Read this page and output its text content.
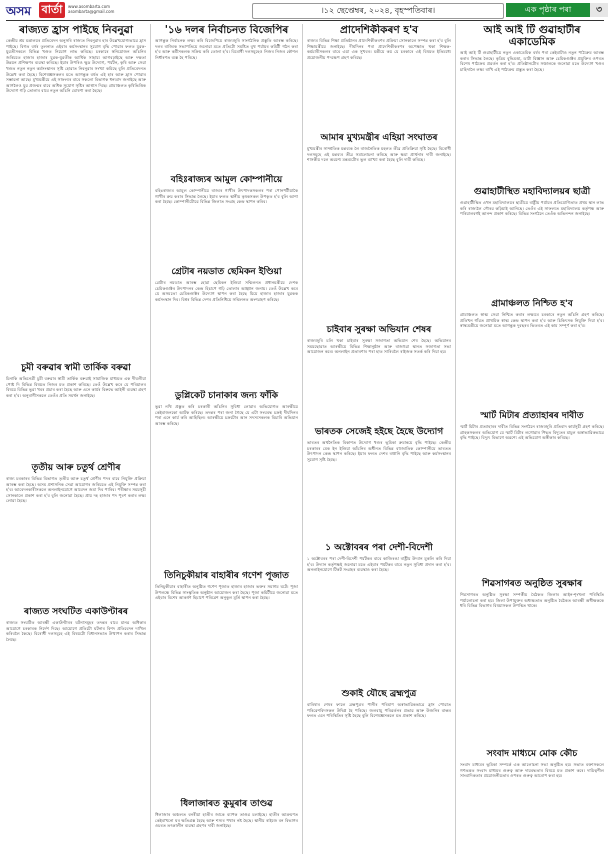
অসম বাৰ্তা	www.asombarta.com
asombarta@gmail.com	।১২ ছেপ্তেম্বৰ, ২০২৪, বৃহস্পতিবাৰ।	এক পৃষ্ঠাৰ পৰা	৩
ৰাজ্যত হ্ৰাস পাইছে নিবনুৱা

কেন্দ্ৰীয় শ্ৰম মন্ত্ৰালয়ৰ প্ৰতিবেদন অনুসৰি ৰাজ্যত নিবনুৱাৰ হাৰ উল্লেখযোগ্যভাৱে হ্ৰাস পাইছে। বিগত বৰ্ষৰ তুলনাত এইবাৰ কৰ্মসংস্থানৰ সুযোগ বৃদ্ধি পোৱাৰ ফলত যুৱক-যুৱতীসকলে বিভিন্ন খণ্ডত নিয়োগ লাভ কৰিছে। চৰকাৰে স্বনিয়োজন আঁচনিৰ জৰিয়তে হাজাৰ হাজাৰ যুৱক-যুৱতীক আৰ্থিক সাহায্য আগবঢ়াইছে আৰু দক্ষতা উন্নয়ন প্ৰশিক্ষণৰ ব্যৱস্থা কৰিছে। ইয়াৰ উপৰিও ক্ষুদ্ৰ উদ্যোগ, পৰ্যটন, কৃষি আৰু সেৱা খণ্ডত নতুন নতুন কৰ্মসংস্থানৰ সৃষ্টি হোৱাত নিবনুৱাৰ সংখ্যা কমিছে বুলি প্ৰতিবেদনত উল্লেখ কৰা হৈছে। বিশেষজ্ঞসকলৰ মতে আগন্তুক বৰ্ষত এই হাৰ আৰু হ্ৰাস পোৱাৰ সম্ভাৱনা আছে। মুখ্যমন্ত্ৰীয়ে এই সাফল্যৰ বাবে সকলো বিভাগক ধন্যবাদ জনাইছে আৰু আগলৈও যুৱ প্ৰজন্মৰ বাবে অধিক সুযোগ সৃষ্টিৰ আশ্বাস দিছে। গ্ৰামাঞ্চলত কৃষিভিত্তিক উদ্যোগ গঢ়ি তোলাৰ বাবে নতুন আঁচনি ঘোষণা কৰা হৈছে।

চুমী বৰুৱাৰ স্বামী তাৰ্কিক বৰুৱা

চিনাকি অভিনেত্ৰী চুমী বৰুৱাৰ স্বামী তাৰ্কিক বৰুৱাই সামাজিক মাধ্যমত এক দীঘলীয়া পোষ্ট দি বিভিন্ন বিষয়ত নিজৰ মত প্ৰকাশ কৰিছে। তেওঁ উল্লেখ কৰে যে পৰিয়ালৰ বিষয়ে বিভিন্ন ভুৱা খবৰ প্ৰচাৰ কৰা হৈছে আৰু এনে কাৰ্যৰ বিৰুদ্ধে আইনী ব্যৱস্থা গ্ৰহণ কৰা হ'ব। অনুৰাগীসকলে তেওঁৰ প্ৰতি সমৰ্থন জনাইছে।

তৃতীয় আৰু চতুৰ্থ শ্ৰেণীৰ

ৰাজ্য চৰকাৰৰ বিভিন্ন বিভাগত তৃতীয় আৰু চতুৰ্থ শ্ৰেণীৰ পদৰ বাবে নিযুক্তি প্ৰক্ৰিয়া আৰম্ভ কৰা হৈছে। অসম প্ৰশাসনিক সেৱা আয়োগৰ জৰিয়তে এই নিযুক্তি সম্পন্ন কৰা হ'ব। আবেদনকাৰীসকলে অনলাইনযোগে আবেদন জমা দিব পাৰিব। পৰীক্ষাৰ সময়সূচী সোনকালে প্ৰকাশ কৰা হ'ব বুলি জনোৱা হৈছে। প্ৰায় দহ হাজাৰ পদ পূৰণ কৰাৰ লক্ষ্য লোৱা হৈছে।

ৰাজ্যত সংঘটিত একাউণ্টাৰৰ

ৰাজ্যত সংঘটিত আৰক্ষী একাউণ্টাৰৰ ঘটনাসমূহৰ তদন্তৰ বাবে মানৱ অধিকাৰ আয়োগে চৰকাৰক নিৰ্দেশ দিছে। আয়োগে প্ৰতিটো ঘটনাৰ বিশদ প্ৰতিবেদন দাখিল কৰিবলৈ কৈছে। বিৰোধী দলসমূহে এই বিষয়টো বিধানসভাত উত্থাপন কৰাৰ সিদ্ধান্ত লৈছে।

'১৬ দলৰ নিৰ্বাচনত বিজেপিৰ

আগন্তুক নিৰ্বাচনক লক্ষ্য কৰি বিজেপিয়ে ৰাজ্যজুৰি সাংগঠনিক প্ৰস্তুতি আৰম্ভ কৰিছে। দলৰ ৰাজ্যিক সভাপতিয়ে জনোৱা মতে প্ৰতিটো সমষ্টিত বুথ পৰ্যায়ৰ কমিটী গঠন কৰা হ'ব আৰু কৰ্মীসকলক সক্ৰিয় কৰি তোলা হ'ব। বিৰোধী দলসমূহেও নিজৰ নিজৰ কৌশল নিৰ্ধাৰণত ব্যস্ত হৈ পৰিছে।

বহিঃৰাজ্যৰ আমুল কোম্পানীয়ে

বহিঃৰাজ্যৰ আমুল কোম্পানীয়ে ৰাজ্যৰ গাখীৰ উৎপাদকসকলৰ পৰা পোনপটীয়াকৈ গাখীৰ ক্ৰয় কৰাৰ সিদ্ধান্ত লৈছে। ইয়াৰ ফলত স্থানীয় কৃষকসকল উপকৃত হ'ব বুলি আশা কৰা হৈছে। কোম্পানীটোৱে বিভিন্ন জিলাত সংগ্ৰহ কেন্দ্ৰ স্থাপন কৰিব।

গ্ৰেটাৰ নয়ডাত ছেমিকন ইণ্ডিয়া

গ্ৰেটাৰ নয়ডাত আৰম্ভ হোৱা ছেমিকন ইণ্ডিয়া সন্মিলনত প্ৰধানমন্ত্ৰীয়ে দেশক চেমিকণ্ডাক্টৰ উৎপাদনৰ কেন্দ্ৰ হিচাপে গঢ়ি তোলাৰ আহ্বান জনায়। তেওঁ উল্লেখ কৰে যে অসমতো চেমিকণ্ডাক্টৰ উদ্যোগ স্থাপন কৰা হৈছে যিয়ে হাজাৰ হাজাৰ যুৱকক কৰ্মসংস্থান দিব। বিশ্বৰ বিভিন্ন দেশৰ প্ৰতিনিধিয়ে সন্মিলনত অংশগ্ৰহণ কৰিছে।

ডুপ্লিকেট চানাকাৰ জন্য ফাঁকি

ভুৱা নথি প্ৰস্তুত কৰি চৰকাৰী আঁচনিৰ সুবিধা লোৱাৰ অভিযোগত আৰক্ষীয়ে কেইবাজনকো আটক কৰিছে। তদন্তৰ পৰা জনা গৈছে যে এটা সংঘবদ্ধ চক্ৰই দীৰ্ঘদিনৰ পৰা এনে কাৰ্য কৰি আহিছিল। আৰক্ষীয়ে চক্ৰটোৰ আন সদস্যসকলক বিচাৰি অভিযান আৰম্ভ কৰিছে।

তিনিচুকীয়াৰ বাহাৰীৰ গণেশ পূজাত

তিনিচুকীয়াৰ বাহাৰীত অনুষ্ঠিত গণেশ পূজাত হাজাৰ হাজাৰ ভক্তৰ সমাগম ঘটে। পূজা উপলক্ষে বিভিন্ন সাংস্কৃতিক অনুষ্ঠান আয়োজন কৰা হৈছে। পূজা কমিটীয়ে জনোৱা মতে এইবাৰ বিশেষ আকৰ্ষণ হিচাপে পৰিৱেশ অনুকূল মূৰ্তি স্থাপন কৰা হৈছে।

ধিলাজাৰত কুমুৰাৰ তাণ্ডৱ

ধিলাজাৰ অঞ্চলত বনৰীয়া হাতীৰ জাকে ব্যাপক তাণ্ডৱ চলাইছে। হাতীৰ আক্ৰমণত কেইবাখনো ঘৰ ক্ষতিগ্ৰস্ত হৈছে আৰু শস্যৰ পথাৰ নষ্ট হৈছে। স্থানীয় ৰাইজে বন বিভাগৰ ওচৰত তৎকালীন ব্যৱস্থা গ্ৰহণৰ দাবী জনাইছে।

প্ৰাদেশিকীকৰণ হ'ব

ৰাজ্যৰ বিভিন্ন শিক্ষা প্ৰতিষ্ঠানৰ প্ৰাদেশিকীকৰণৰ প্ৰক্ৰিয়া সোনকালে সম্পন্ন কৰা হ'ব বুলি শিক্ষামন্ত্ৰীয়ে জনাইছে। দীৰ্ঘদিনৰ পৰা প্ৰাদেশিকীকৰণৰ অপেক্ষাত থকা শিক্ষক-কৰ্মচাৰীসকলৰ বাবে এয়া এক সুখবৰ। মন্ত্ৰীয়ে কয় যে চৰকাৰে এই বিষয়ত ইতিমধ্যে প্ৰয়োজনীয় পদক্ষেপ গ্ৰহণ কৰিছে।

আমাৰ মুখ্যমন্ত্ৰীৰ এহিয়া সংঘাতৰ

মুখ্যমন্ত্ৰীৰ সাম্প্ৰতিক মন্তব্যক লৈ ৰাজনৈতিক মহলত তীব্ৰ প্ৰতিক্ৰিয়া সৃষ্টি হৈছে। বিৰোধী দলসমূহে এই মন্তব্যৰ তীব্ৰ সমালোচনা কৰিছে আৰু ক্ষমা প্ৰাৰ্থনাৰ দাবী জনাইছে। শাসকীয় দলে অৱশ্যে মন্তব্যটোৰ ভুল ব্যাখ্যা কৰা হৈছে বুলি দাবী কৰিছে।

চাইবাৰ সুৰক্ষা অভিযান শেষৰ

ৰাজ্যজুৰি চলি থকা চাইবাৰ সুৰক্ষা সজাগতা অভিযান শেষ হৈছে। অভিযানৰ সময়ছোৱাত আৰক্ষীয়ে বিভিন্ন শিক্ষানুষ্ঠান আৰু ৰাজহুৱা স্থানত সজাগতা সভা আয়োজন কৰে। অনলাইন প্ৰতাৰণাৰ পৰা হাত সাৰিবলৈ ৰাইজক সতৰ্ক কৰি দিয়া হয়।

ভাৰতক সেজেই হইছে হৈছে উদ্যোগ

ভাৰতৰ অৰ্থনৈতিক বিকাশত উদ্যোগ খণ্ডৰ ভূমিকা ক্ৰমান্বয়ে বৃদ্ধি পাইছে। কেন্দ্ৰীয় চৰকাৰৰ মেক ইন ইণ্ডিয়া আঁচনিৰ অধীনত বিভিন্ন বহুজাতিক কোম্পানীয়ে ভাৰতত উৎপাদন কেন্দ্ৰ স্থাপন কৰিছে। ইয়াৰ ফলত দেশৰ ৰপ্তানি বৃদ্ধি পাইছে আৰু কৰ্মসংস্থানৰ সুযোগ সৃষ্টি হৈছে।

১ অক্টোবৰৰ পৰা দেশী-বিদেশী

১ অক্টোবৰৰ পৰা দেশী-বিদেশী পৰ্যটকৰ বাবে কাজিৰঙা ৰাষ্ট্ৰীয় উদ্যান মুকলি কৰি দিয়া হ'ব। উদ্যান কৰ্তৃপক্ষই জনোৱা মতে এইবাৰ পৰ্যটকৰ বাবে নতুন সুবিধা প্ৰদান কৰা হ'ব। অনলাইনযোগে টিকট সংগ্ৰহৰ ব্যৱস্থাও কৰা হৈছে।

শুকাই যৌছে ব্ৰহ্মপুত্ৰ

বাৰিষাৰ শেষৰ ফালে ব্ৰহ্মপুত্ৰৰ পানীৰ পৰিমাণ অস্বাভাৱিকভাৱে হ্ৰাস পোৱাত পৰিৱেশবিদসকল উদ্বিগ্ন হৈ পৰিছে। জলবায়ু পৰিৱৰ্তনৰ প্ৰভাৱ আৰু উজনিৰ বান্ধৰ ফলত এনে পৰিস্থিতিৰ সৃষ্টি হৈছে বুলি বিশেষজ্ঞসকলে মত প্ৰকাশ কৰিছে।

আই আই টি গুৱাহাটীৰ একাডেমিক

আই আই টি গুৱাহাটীয়ে নতুন একাডেমিক বৰ্ষৰ পৰা কেইবাটাও নতুন পাঠ্যক্ৰম আৰম্ভ কৰাৰ সিদ্ধান্ত লৈছে। কৃত্ৰিম বুদ্ধিমত্তা, ডাটা বিজ্ঞান আৰু চেমিকণ্ডাক্টৰ প্ৰযুক্তিৰ ওপৰত বিশেষ পাঠ্যক্ৰম প্ৰৱৰ্তন কৰা হ'ব। প্ৰতিষ্ঠানটোৰ সঞ্চালকে জনোৱা মতে উদ্যোগ খণ্ডৰ চাহিদালৈ লক্ষ্য ৰাখি এই পাঠ্যক্ৰম প্ৰস্তুত কৰা হৈছে।

গুৱাহাটীস্থিত মহাবিদ্যালয়ৰ ছাত্ৰী

গুৱাহাটীস্থিত এখন মহাবিদ্যালয়ৰ ছাত্ৰীয়ে ৰাষ্ট্ৰীয় পৰ্যায়ৰ প্ৰতিযোগিতাত প্ৰথম স্থান লাভ কৰি ৰাজ্যলৈ গৌৰৱ কঢ়িয়াই আনিছে। তেওঁৰ এই সাফল্যত মহাবিদ্যালয় কৰ্তৃপক্ষ আৰু পৰিয়ালবৰ্গই আনন্দ প্ৰকাশ কৰিছে। বিভিন্ন সংগঠনে তেওঁক অভিনন্দন জনাইছে।

গ্ৰামাঞ্চলত নিশ্চিত হ'ব

গ্ৰামাঞ্চলত স্বাস্থ্য সেৱা নিশ্চিত কৰাৰ লক্ষ্যৰে চৰকাৰে নতুন আঁচনি গ্ৰহণ কৰিছে। প্ৰতিখন গাঁৱত প্ৰাথমিক স্বাস্থ্য কেন্দ্ৰ স্থাপন কৰা হ'ব আৰু চিকিৎসক নিযুক্তি দিয়া হ'ব। স্বাস্থ্যমন্ত্ৰীয়ে জনোৱা মতে আগন্তুক দুবছৰৰ ভিতৰত এই কাম সম্পূৰ্ণ কৰা হ'ব।

স্মাৰ্ট মিটাৰ প্ৰত্যাহাৰৰ দাবীত

স্মাৰ্ট মিটাৰ প্ৰত্যাহাৰৰ দাবীত বিভিন্ন সংগঠনে ৰাজ্যজুৰি প্ৰতিবাদ কাৰ্যসূচী গ্ৰহণ কৰিছে। গ্ৰাহকসকলৰ অভিযোগ যে স্মাৰ্ট মিটাৰ লগোৱাৰ পিছত বিদ্যুতৰ মাচুল অস্বাভাৱিকভাৱে বৃদ্ধি পাইছে। বিদ্যুৎ বিভাগে অৱশ্যে এই অভিযোগ অস্বীকাৰ কৰিছে।

শিৱসাগৰত অনুষ্ঠিত সুৰক্ষাৰ

শিৱসাগৰত অনুষ্ঠিত সুৰক্ষা সম্পৰ্কীয় বৈঠকত জিলাৰ আইন-শৃংখলা পৰিস্থিতি পৰ্যালোচনা কৰা হয়। জিলা উপায়ুক্তৰ অধ্যক্ষতাত অনুষ্ঠিত বৈঠকত আৰক্ষী অধীক্ষককে ধৰি বিভিন্ন বিভাগৰ বিষয়াসকল উপস্থিত থাকে।

সংবাদ মাধ্যমে মোক কৌচ

সংবাদ মাধ্যমৰ ভূমিকা সম্পৰ্কে এক আলোচনা সভা অনুষ্ঠিত হয়। সভাত বক্তাসকলে গণতন্ত্ৰত সংবাদ মাধ্যমৰ গুৰুত্ব আৰু দায়বদ্ধতাৰ বিষয়ে মত প্ৰকাশ কৰে। দায়িত্বশীল সাংবাদিকতাৰ প্ৰয়োজনীয়তাৰ ওপৰত গুৰুত্ব আৰোপ কৰা হয়।
